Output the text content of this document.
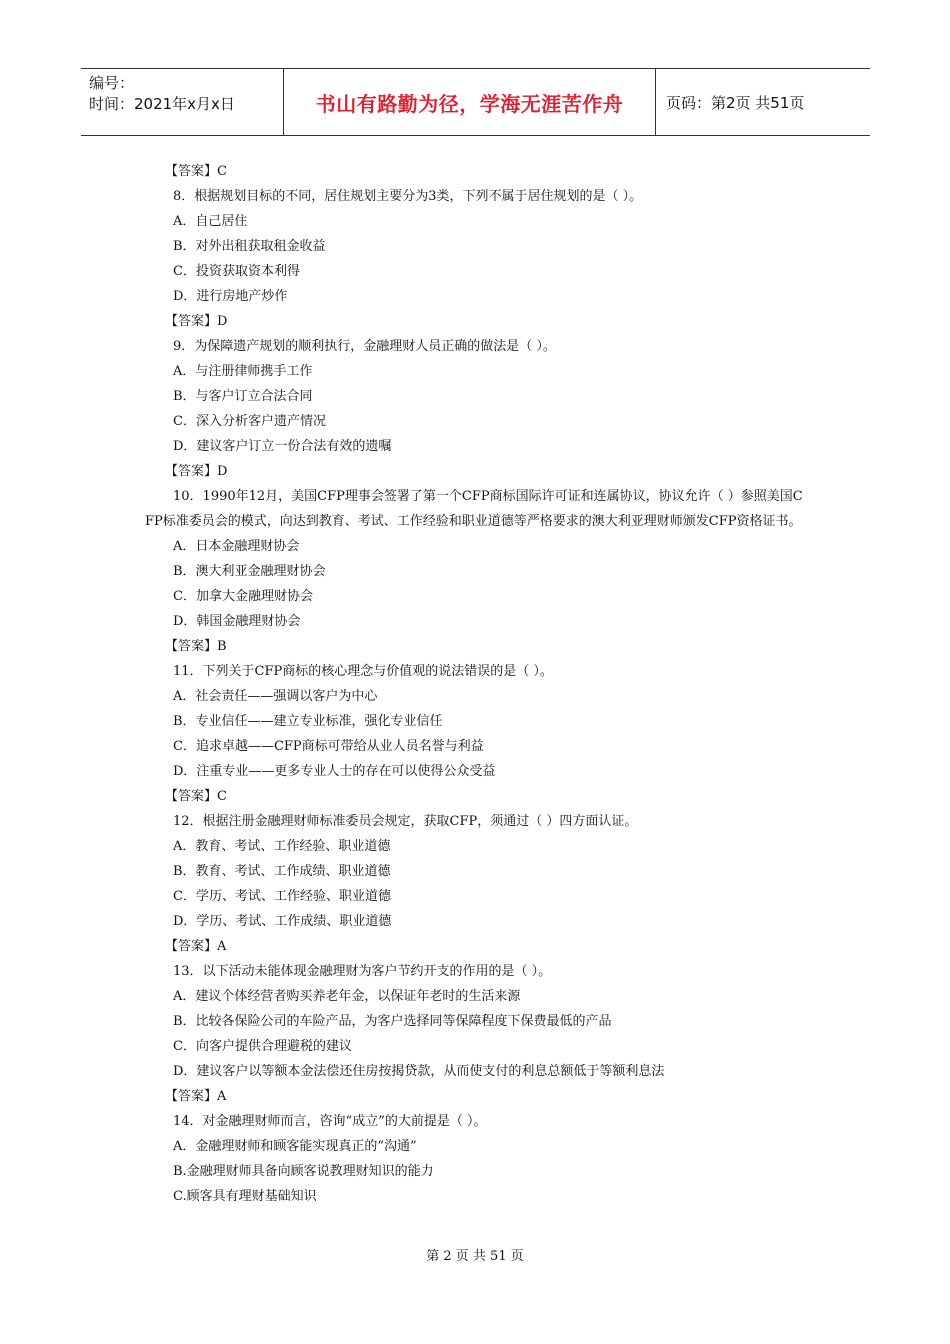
编号：
时间：2021年x月x日	书山有路勤为径，学海无涯苦作舟	页码：第2页 共51页
【答案】C
8．根据规划目标的不同，居住规划主要分为3类，下列不属于居住规划的是（ ）。
A．自己居住
B．对外出租获取租金收益
C．投资获取资本利得
D．进行房地产炒作
【答案】D
9．为保障遗产规划的顺利执行，金融理财人员正确的做法是（ ）。
A．与注册律师携手工作
B．与客户订立合法合同
C．深入分析客户遗产情况
D．建议客户订立一份合法有效的遗嘱
【答案】D
10．1990年12月，美国CFP理事会签署了第一个CFP商标国际许可证和连属协议，协议允许（ ）参照美国CFP标准委员会的模式，向达到教育、考试、工作经验和职业道德等严格要求的澳大利亚理财师颁发CFP资格证书。
A．日本金融理财协会
B．澳大利亚金融理财协会
C．加拿大金融理财协会
D．韩国金融理财协会
【答案】B
11．下列关于CFP商标的核心理念与价值观的说法错误的是（ ）。
A．社会责任——强调以客户为中心
B．专业信任——建立专业标准，强化专业信任
C．追求卓越——CFP商标可带给从业人员名誉与利益
D．注重专业——更多专业人士的存在可以使得公众受益
【答案】C
12．根据注册金融理财师标准委员会规定，获取CFP，须通过（ ）四方面认证。
A．教育、考试、工作经验、职业道德
B．教育、考试、工作成绩、职业道德
C．学历、考试、工作经验、职业道德
D．学历、考试、工作成绩、职业道德
【答案】A
13．以下活动未能体现金融理财为客户节约开支的作用的是（ ）。
A．建议个体经营者购买养老年金，以保证年老时的生活来源
B．比较各保险公司的车险产品，为客户选择同等保障程度下保费最低的产品
C．向客户提供合理避税的建议
D．建议客户以等额本金法偿还住房按揭贷款，从而使支付的利息总额低于等额利息法
【答案】A
14．对金融理财师而言，咨询“成立”的大前提是（ ）。
A．金融理财师和顾客能实现真正的“沟通”
B.金融理财师具备向顾客说教理财知识的能力
C.顾客具有理财基础知识
第 2 页 共 51 页
